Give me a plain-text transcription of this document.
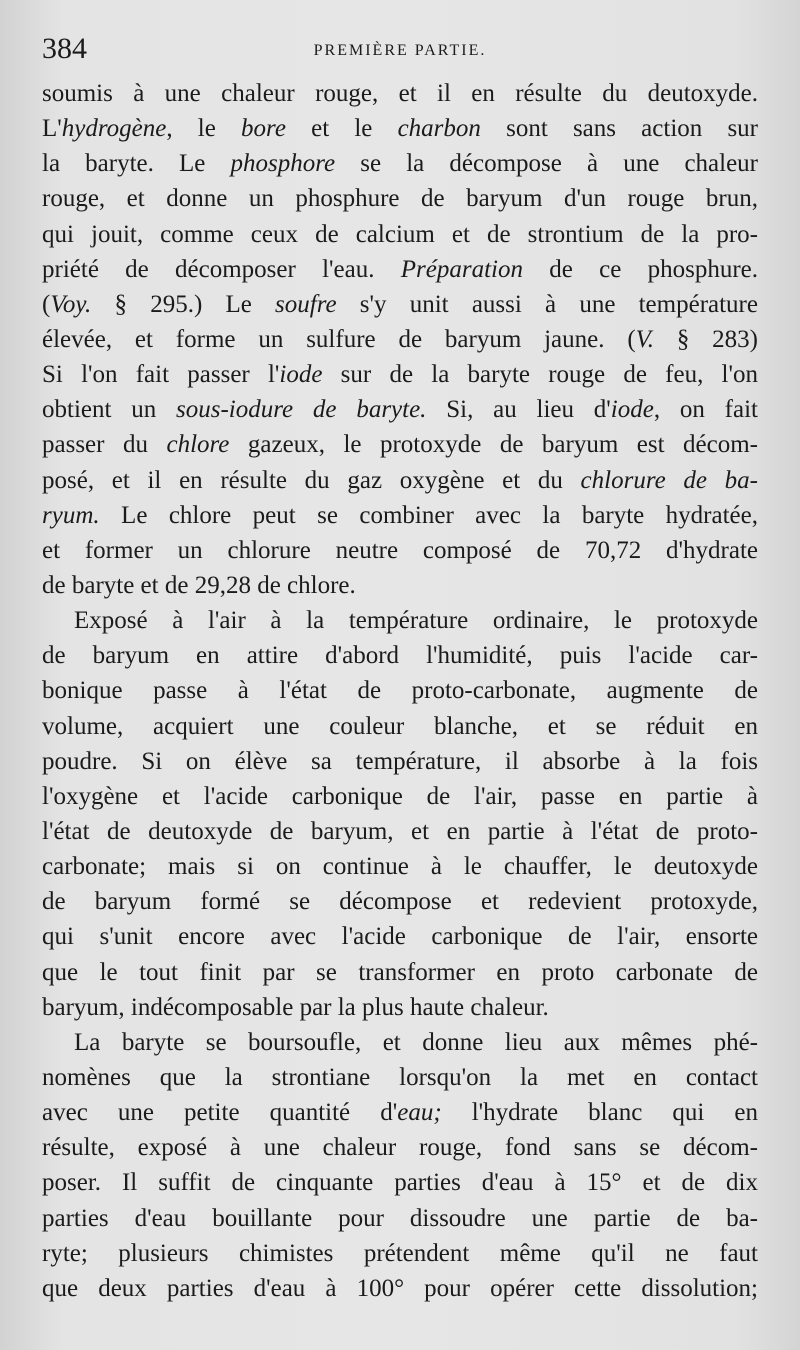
384	PREMIÈRE PARTIE.
soumis à une chaleur rouge, et il en résulte du deutoxyde.
L'hydrogène, le bore et le charbon sont sans action sur
la baryte. Le phosphore se la décompose à une chaleur
rouge, et donne un phosphure de baryum d'un rouge brun,
qui jouit, comme ceux de calcium et de strontium de la pro-
priété de décomposer l'eau. Préparation de ce phosphure.
(Voy. § 295.) Le soufre s'y unit aussi à une température
élevée, et forme un sulfure de baryum jaune. (V. § 283)
Si l'on fait passer l'iode sur de la baryte rouge de feu, l'on
obtient un sous-iodure de baryte. Si, au lieu d'iode, on fait
passer du chlore gazeux, le protoxyde de baryum est décom-
posé, et il en résulte du gaz oxygène et du chlorure de ba-
ryum. Le chlore peut se combiner avec la baryte hydratée,
et former un chlorure neutre composé de 70,72 d'hydrate
de baryte et de 29,28 de chlore.
Exposé à l'air à la température ordinaire, le protoxyde
de baryum en attire d'abord l'humidité, puis l'acide car-
bonique passe à l'état de proto-carbonate, augmente de
volume, acquiert une couleur blanche, et se réduit en
poudre. Si on élève sa température, il absorbe à la fois
l'oxygène et l'acide carbonique de l'air, passe en partie à
l'état de deutoxyde de baryum, et en partie à l'état de proto-
carbonate; mais si on continue à le chauffer, le deutoxyde
de baryum formé se décompose et redevient protoxyde,
qui s'unit encore avec l'acide carbonique de l'air, ensorte
que le tout finit par se transformer en proto carbonate de
baryum, indécomposable par la plus haute chaleur.
La baryte se boursoufle, et donne lieu aux mêmes phé-
nomènes que la strontiane lorsqu'on la met en contact
avec une petite quantité d'eau; l'hydrate blanc qui en
résulte, exposé à une chaleur rouge, fond sans se décom-
poser. Il suffit de cinquante parties d'eau à 15° et de dix
parties d'eau bouillante pour dissoudre une partie de ba-
ryte; plusieurs chimistes prétendent même qu'il ne faut
que deux parties d'eau à 100° pour opérer cette dissolution;
